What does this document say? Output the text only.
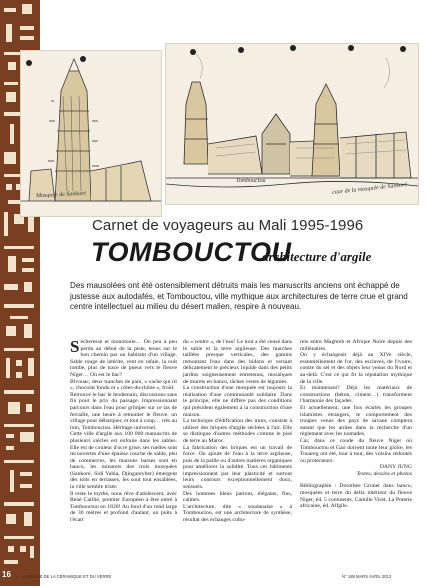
Mosquée de Sankoré
Tombouctou
cour de la mosquée de Sankoré
Carnet de voyageurs au Mali 1995-1996
TOMBOUCTOU
architecture d'argile
Des mausolées ont été ostensiblement détruits mais les manuscrits anciens ont échappé de justesse aux autodafés, et Tombouctou, ville mythique aux architectures de terre crue et grand centre intellectuel au milieu du désert malien, respire à nouveau.

Sécheresse et monotonie… On peu à peu perdu au début de la piste, tenus sur le bon chemin par un habitant d'un village. Sable rouge de latérite, vent en rafale, la nuit tombe, plus de trace de pneus vers le fleuve Niger… Où est le bac?

Bivouac, deux tranches de pain, « vache qui rit », chocolat fondu et « côtes-du-rhône », froid.

Retrouvé le bac le lendemain, discussions sans fin pour le prix du passage. Impressionnant parcours dans l'eau pour grimper sur ce tas de ferraille, une heure à remonter le fleuve, un village pour débarquer, et tout à coup… très au loin, Tombouctou. Héritage universel.

Cette ville d'argile aux 100 000 manuscrits de plusieurs siècles est enfouie dans les sables. Elle est de couleur d'ocre grise, ses ruelles sont recouvertes d'une épaisse couche de sable, peu de commerces, les maisons basses sont en banco, les minarets des trois mosquées (Sankoré, Sidi Yahia, Djingareyber) émergent des toits en terrasses, les sont tout ensablées, la ville semble triste.

Il reste le mythe, nous rêve d'adolescent, avec René Caillié, premier Européen à être entré à Tombouctou en 1828! Au fond d'un rond large de 30 mètres et profond d'autant, un puits à l'écart

du « centre », de l'eau! Le tout a été censé dans le sable et la terre argileuse. Des marches taillées presque verticales, des gamins remontant l'eau dans des bidons et versant délicatement le précieux liquide dans des petits jardins soigneusement entretenus, mosaïques de murets en banco, tâches vertes de légumes.

La construction d'une mosquée est toujours la réalisation d'une communauté solidaire. Dans le principe, elle ne diffère pas des conditions qui président également à la construction d'une maison.

La technique d'édification des murs, consiste à utiliser des briques d'argile séchées à l'air. Elle se distingue d'autres méthodes comme le pisé de terre au Maroc.

La fabrication des briques est un travail de force. On ajoute de l'eau à la terre argileuse, puis de la paille ou d'autres matières organiques pour améliorer la solidité. Tous ces bâtiments impressionnent par leur plasticité et surtout leurs contours exceptionnellement doux, sensuels.

Des hommes bleus partout, élégants, fins, calmes.

L'architecture, dite « soudanaise » à Tombouctou, est une architecture de synthèse, résultat des échanges cultu-

rels entre Maghreb et Afrique Noire depuis des millénaires.

On y échangeait déjà au XIVe siècle, essentiellement de l'or, des esclaves, de l'ivoire, contre du sel et des objets leur venus du Nord et au-delà. C'est ce qui fit la réputation mythique de la ville.

Et maintenant? Déjà les matériaux de constructions (béton, ciment…) transforment l'harmonie des façades.

Et actuellement, une fois écartés les groupes islamistes étrangers, le comportement des troupes venus des pays de savane comptera autant que les armes dans la recherche d'un règlement avec les nomades.

Car, dans ce coude du fleuve Niger où Tombouctou et Gao doivent toute leur gloire, les Touareg ont été, tour à tour, des voisins redoutés ou protecteurs.

DANY JUNG

Textes, dessins et photos

Bibliographie : Dorothee Gruner dans banco, mosquées et terre du delta intérieur du fleuve Niger, éd. 5 continents. Camille Viret, La Poterie africaine, éd. Alfgile.

16	LA REVUE DE LA CÉRAMIQUE ET DU VERRE	N° 189 MARS AVRIL 2013
